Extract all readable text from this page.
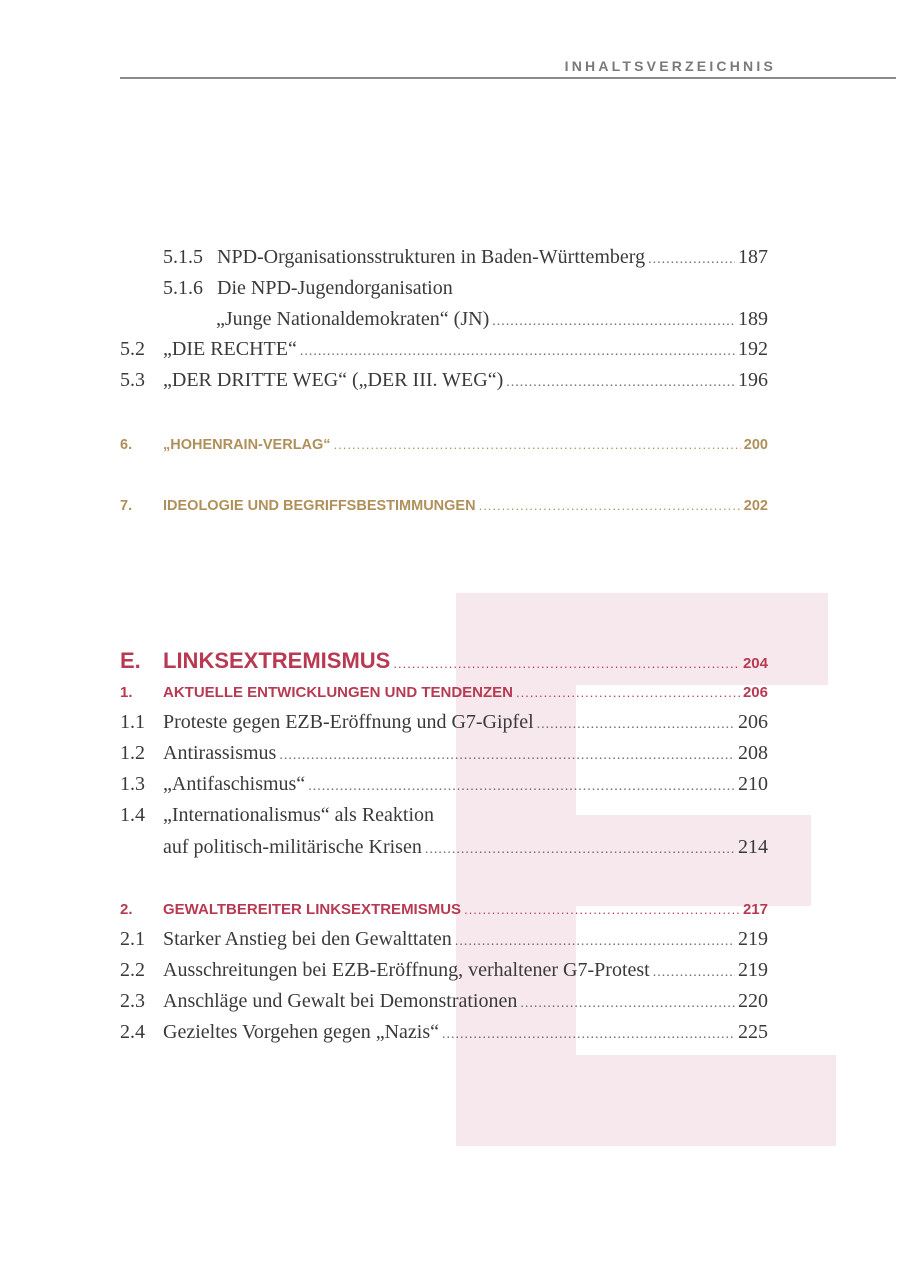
INHALTSVERZEICHNIS
5.1.5 NPD-Organisationsstrukturen in Baden-Württemberg .....	187
5.1.6 Die NPD-Jugendorganisation
„Junge Nationaldemokraten“ (JN) .....	189
5.2 „DIE RECHTE“ .....	192
5.3 „DER DRITTE WEG“ („DER III. WEG“) .....	196
6.	„HOHENRAIN-VERLAG“ .....	200
7.	IDEOLOGIE UND BEGRIFFSBESTIMMUNGEN .....	202
E.	LINKSEXTREMISMUS .....	204
1.	AKTUELLE ENTWICKLUNGEN UND TENDENZEN .....	206
1.1 Proteste gegen EZB-Eröffnung und G7-Gipfel .....	206
1.2 Antirassismus .....	208
1.3 „Antifaschismus“ .....	210
1.4 „Internationalismus“ als Reaktion
auf politisch-militärische Krisen .....	214
2.	GEWALTBEREITER LINKSEXTREMISMUS .....	217
2.1 Starker Anstieg bei den Gewalttaten .....	219
2.2 Ausschreitungen bei EZB-Eröffnung, verhaltener G7-Protest .....	219
2.3 Anschläge und Gewalt bei Demonstrationen .....	220
2.4 Gezieltes Vorgehen gegen „Nazis“ .....	225
